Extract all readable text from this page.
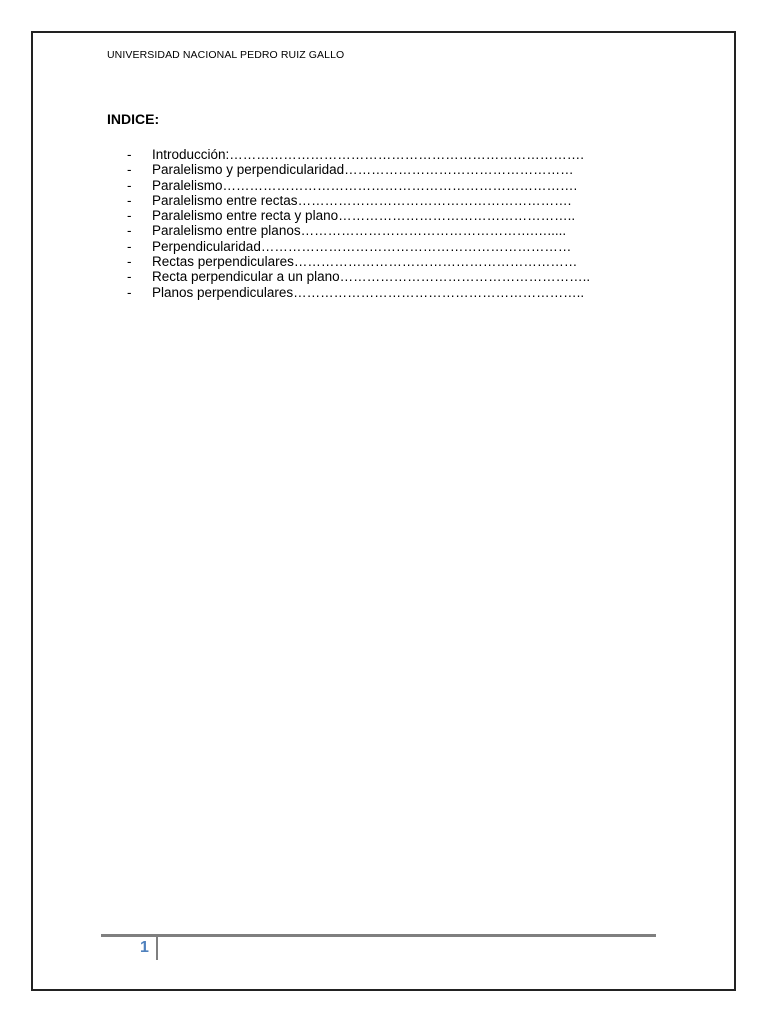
UNIVERSIDAD NACIONAL PEDRO RUIZ GALLO
INDICE:
-	Introducción: …………………………………………………………………….
-	Paralelismo y perpendicularidad ……………………………………………
-	Paralelismo …………………………………………………………………….
-	Paralelismo entre rectas …………………………………………………….
-	Paralelismo entre recta y plano ……………………………………………..
-	Paralelismo entre planos …………………………………………….….....
-	Perpendicularidad ……………………………………………………………
-	Rectas perpendiculares ………………………………………………………
-	Recta perpendicular a un plano ………………………………………………..
-	Planos perpendiculares ………………………………………………………..
1
